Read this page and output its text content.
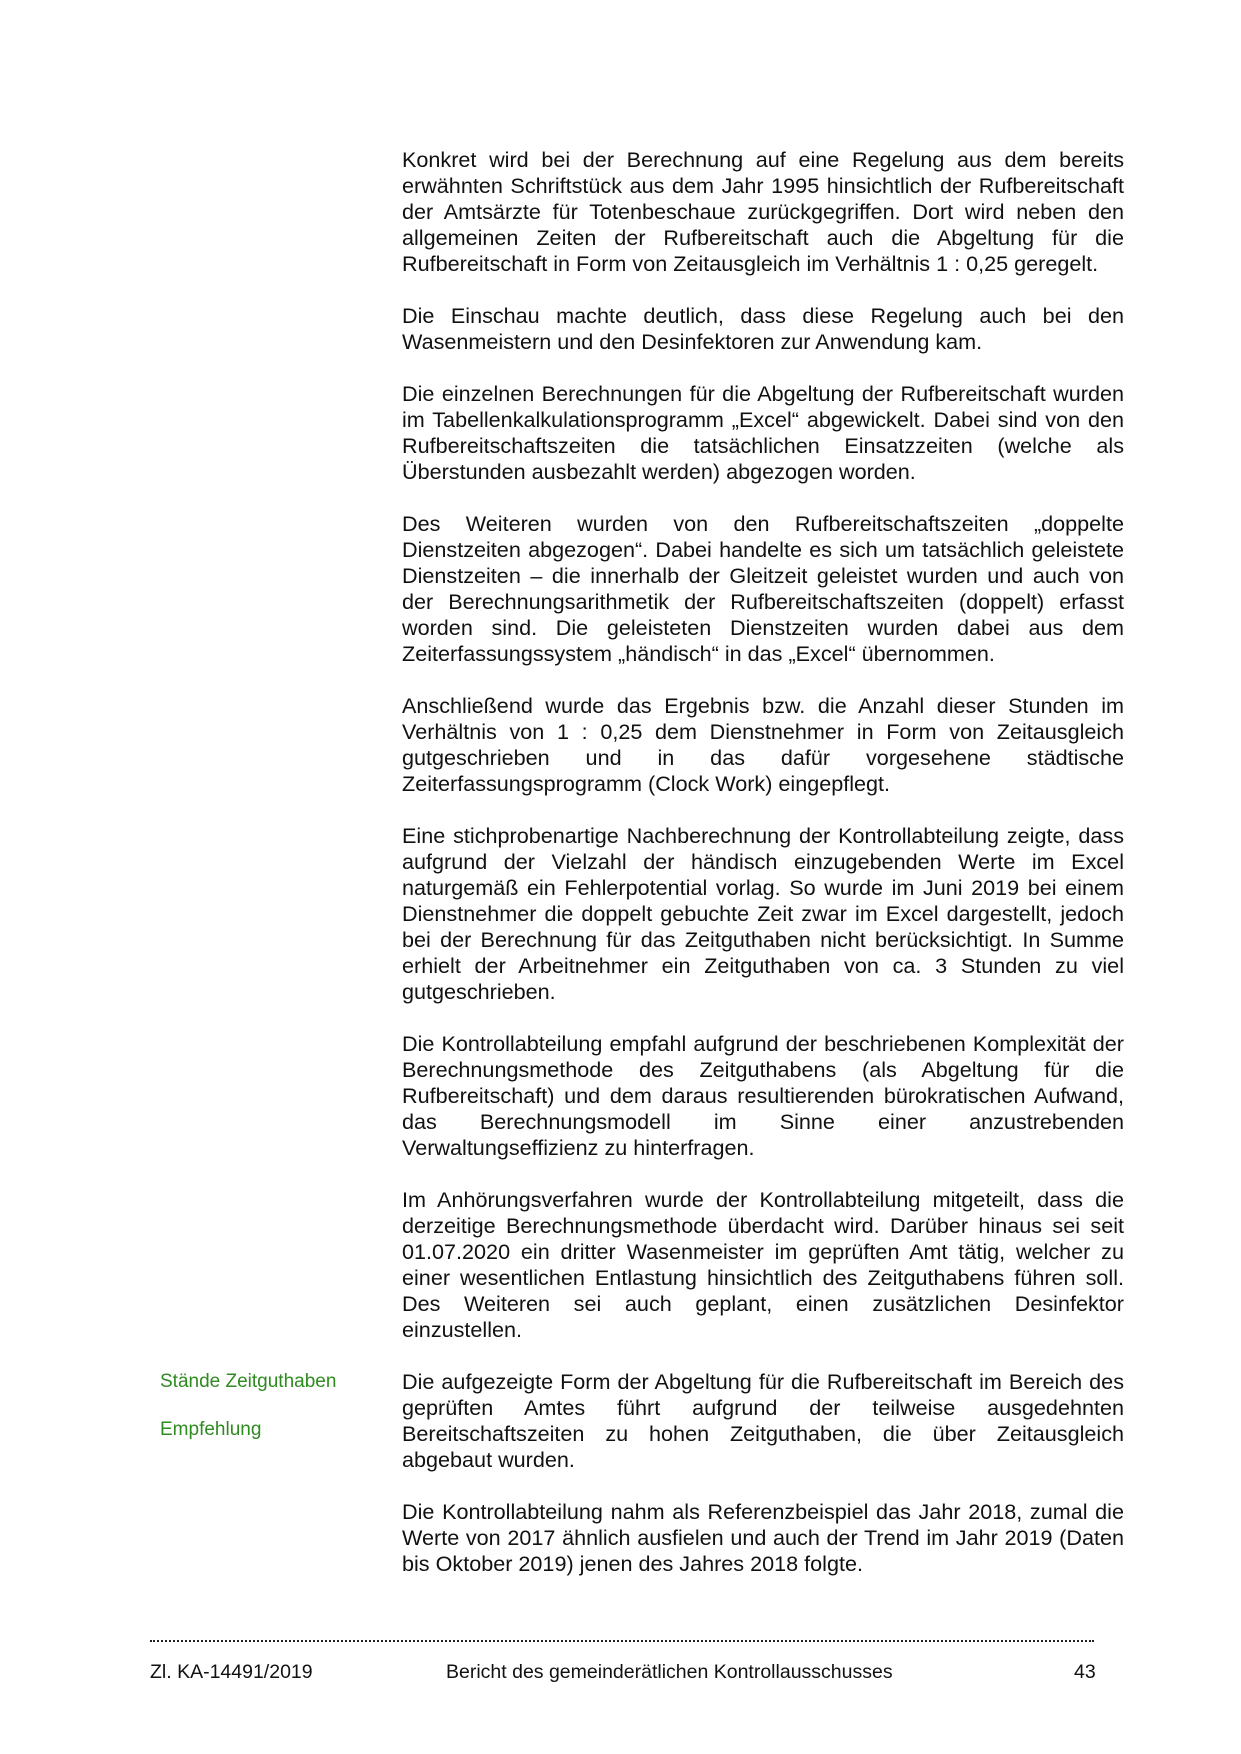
Konkret wird bei der Berechnung auf eine Regelung aus dem bereits erwähnten Schriftstück aus dem Jahr 1995 hinsichtlich der Rufbereitschaft der Amtsärzte für Totenbeschaue zurückgegriffen. Dort wird neben den allgemeinen Zeiten der Rufbereitschaft auch die Abgeltung für die Rufbereitschaft in Form von Zeitausgleich im Verhältnis 1 : 0,25 geregelt.

Die Einschau machte deutlich, dass diese Regelung auch bei den Wasenmeistern und den Desinfektoren zur Anwendung kam.

Die einzelnen Berechnungen für die Abgeltung der Rufbereitschaft wurden im Tabellenkalkulationsprogramm „Excel“ abgewickelt. Dabei sind von den Rufbereitschaftszeiten die tatsächlichen Einsatzzeiten (welche als Überstunden ausbezahlt werden) abgezogen worden.

Des Weiteren wurden von den Rufbereitschaftszeiten „doppelte Dienstzeiten abgezogen“. Dabei handelte es sich um tatsächlich geleistete Dienstzeiten – die innerhalb der Gleitzeit geleistet wurden und auch von der Berechnungsarithmetik der Rufbereitschaftszeiten (doppelt) erfasst worden sind. Die geleisteten Dienstzeiten wurden dabei aus dem Zeiterfassungssystem „händisch“ in das „Excel“ übernommen.

Anschließend wurde das Ergebnis bzw. die Anzahl dieser Stunden im Verhältnis von 1 : 0,25 dem Dienstnehmer in Form von Zeitausgleich gutgeschrieben und in das dafür vorgesehene städtische Zeiterfassungsprogramm (Clock Work) eingepflegt.

Eine stichprobenartige Nachberechnung der Kontrollabteilung zeigte, dass aufgrund der Vielzahl der händisch einzugebenden Werte im Excel naturgemäß ein Fehlerpotential vorlag. So wurde im Juni 2019 bei einem Dienstnehmer die doppelt gebuchte Zeit zwar im Excel dargestellt, jedoch bei der Berechnung für das Zeitguthaben nicht berücksichtigt. In Summe erhielt der Arbeitnehmer ein Zeitguthaben von ca. 3 Stunden zu viel gutgeschrieben.

Die Kontrollabteilung empfahl aufgrund der beschriebenen Komplexität der Berechnungsmethode des Zeitguthabens (als Abgeltung für die Rufbereitschaft) und dem daraus resultierenden bürokratischen Aufwand, das Berechnungsmodell im Sinne einer anzustrebenden Verwaltungseffizienz zu hinterfragen.

Im Anhörungsverfahren wurde der Kontrollabteilung mitgeteilt, dass die derzeitige Berechnungsmethode überdacht wird. Darüber hinaus sei seit 01.07.2020 ein dritter Wasenmeister im geprüften Amt tätig, welcher zu einer wesentlichen Entlastung hinsichtlich des Zeitguthabens führen soll. Des Weiteren sei auch geplant, einen zusätzlichen Desinfektor einzustellen.

Die aufgezeigte Form der Abgeltung für die Rufbereitschaft im Bereich des geprüften Amtes führt aufgrund der teilweise ausgedehnten Bereitschaftszeiten zu hohen Zeitguthaben, die über Zeitausgleich abgebaut wurden.

Die Kontrollabteilung nahm als Referenzbeispiel das Jahr 2018, zumal die Werte von 2017 ähnlich ausfielen und auch der Trend im Jahr 2019 (Daten bis Oktober 2019) jenen des Jahres 2018 folgte.

Stände Zeitguthaben
Empfehlung
Zl. KA-14491/2019	Bericht des gemeinderätlichen Kontrollausschusses	43
